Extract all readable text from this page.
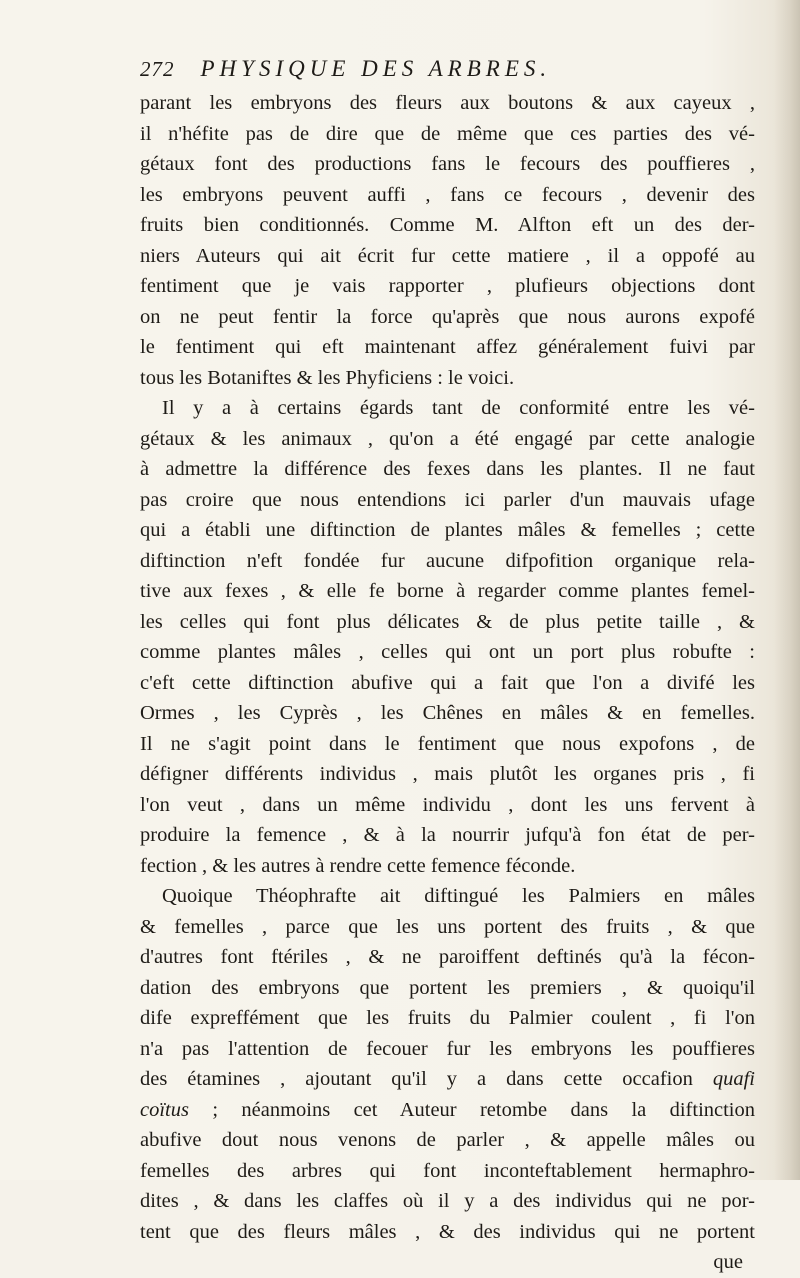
272 PHYSIQUE DES ARBRES.
parant les embryons des fleurs aux boutons & aux cayeux ,
il n'héfite pas de dire que de même que ces parties des vé-
gétaux font des productions fans le fecours des pouffieres ,
les embryons peuvent auffi , fans ce fecours , devenir des
fruits bien conditionnés. Comme M. Alfton eft un des der-
niers Auteurs qui ait écrit fur cette matiere , il a oppofé au
fentiment que je vais rapporter , plufieurs objections dont
on ne peut fentir la force qu'après que nous aurons expofé
le fentiment qui eft maintenant affez généralement fuivi par
tous les Botaniftes & les Phyficiens : le voici.
Il y a à certains égards tant de conformité entre les vé-
gétaux & les animaux , qu'on a été engagé par cette analogie
à admettre la différence des fexes dans les plantes. Il ne faut
pas croire que nous entendions ici parler d'un mauvais ufage
qui a établi une diftinction de plantes mâles & femelles ; cette
diftinction n'eft fondée fur aucune difpofition organique rela-
tive aux fexes , & elle fe borne à regarder comme plantes femel-
les celles qui font plus délicates & de plus petite taille , &
comme plantes mâles , celles qui ont un port plus robufte :
c'eft cette diftinction abufive qui a fait que l'on a divifé les
Ormes , les Cyprès , les Chênes en mâles & en femelles.
Il ne s'agit point dans le fentiment que nous expofons , de
défigner différents individus , mais plutôt les organes pris , fi
l'on veut , dans un même individu , dont les uns fervent à
produire la femence , & à la nourrir jufqu'à fon état de per-
fection , & les autres à rendre cette femence féconde.
Quoique Théophrafte ait diftingué les Palmiers en mâles
& femelles , parce que les uns portent des fruits , & que
d'autres font ftériles , & ne paroiffent deftinés qu'à la fécon-
dation des embryons que portent les premiers , & quoiqu'il
dife expreffément que les fruits du Palmier coulent , fi l'on
n'a pas l'attention de fecouer fur les embryons les pouffieres
des étamines , ajoutant qu'il y a dans cette occafion quafi
coïtus ; néanmoins cet Auteur retombe dans la diftinction
abufive dout nous venons de parler , & appelle mâles ou
femelles des arbres qui font inconteftablement hermaphro-
dites , & dans les claffes où il y a des individus qui ne por-
tent que des fleurs mâles , & des individus qui ne portent
que
